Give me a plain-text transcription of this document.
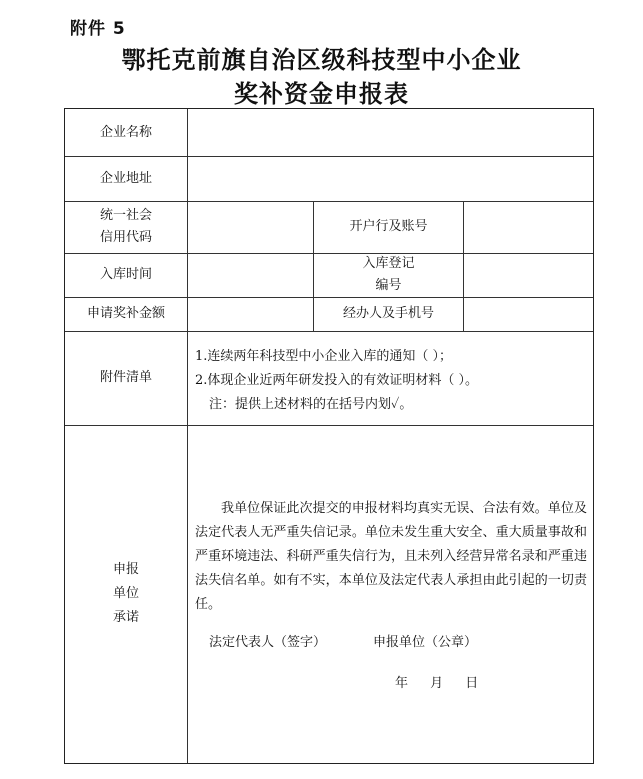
附件 5
鄂托克前旗自治区级科技型中小企业
奖补资金申报表
企业名称
企业地址
统一社会
信用代码
开户行及账号
入库时间
入库登记
编号
申请奖补金额	经办人及手机号
附件清单
1.连续两年科技型中小企业入库的通知（ ）；
2.体现企业近两年研发投入的有效证明材料（ ）。
注：提供上述材料的在括号内划✓。
申报
单位
承诺
我单位保证此次提交的申报材料均真实无误、合法有效。单位及法定代表人无严重失信记录。单位未发生重大安全、重大质量事故和严重环境违法、科研严重失信行为，且未列入经营异常名录和严重违法失信名单。如有不实，本单位及法定代表人承担由此引起的一切责任。
法定代表人（签字）	申报单位（公章）
年 月 日
